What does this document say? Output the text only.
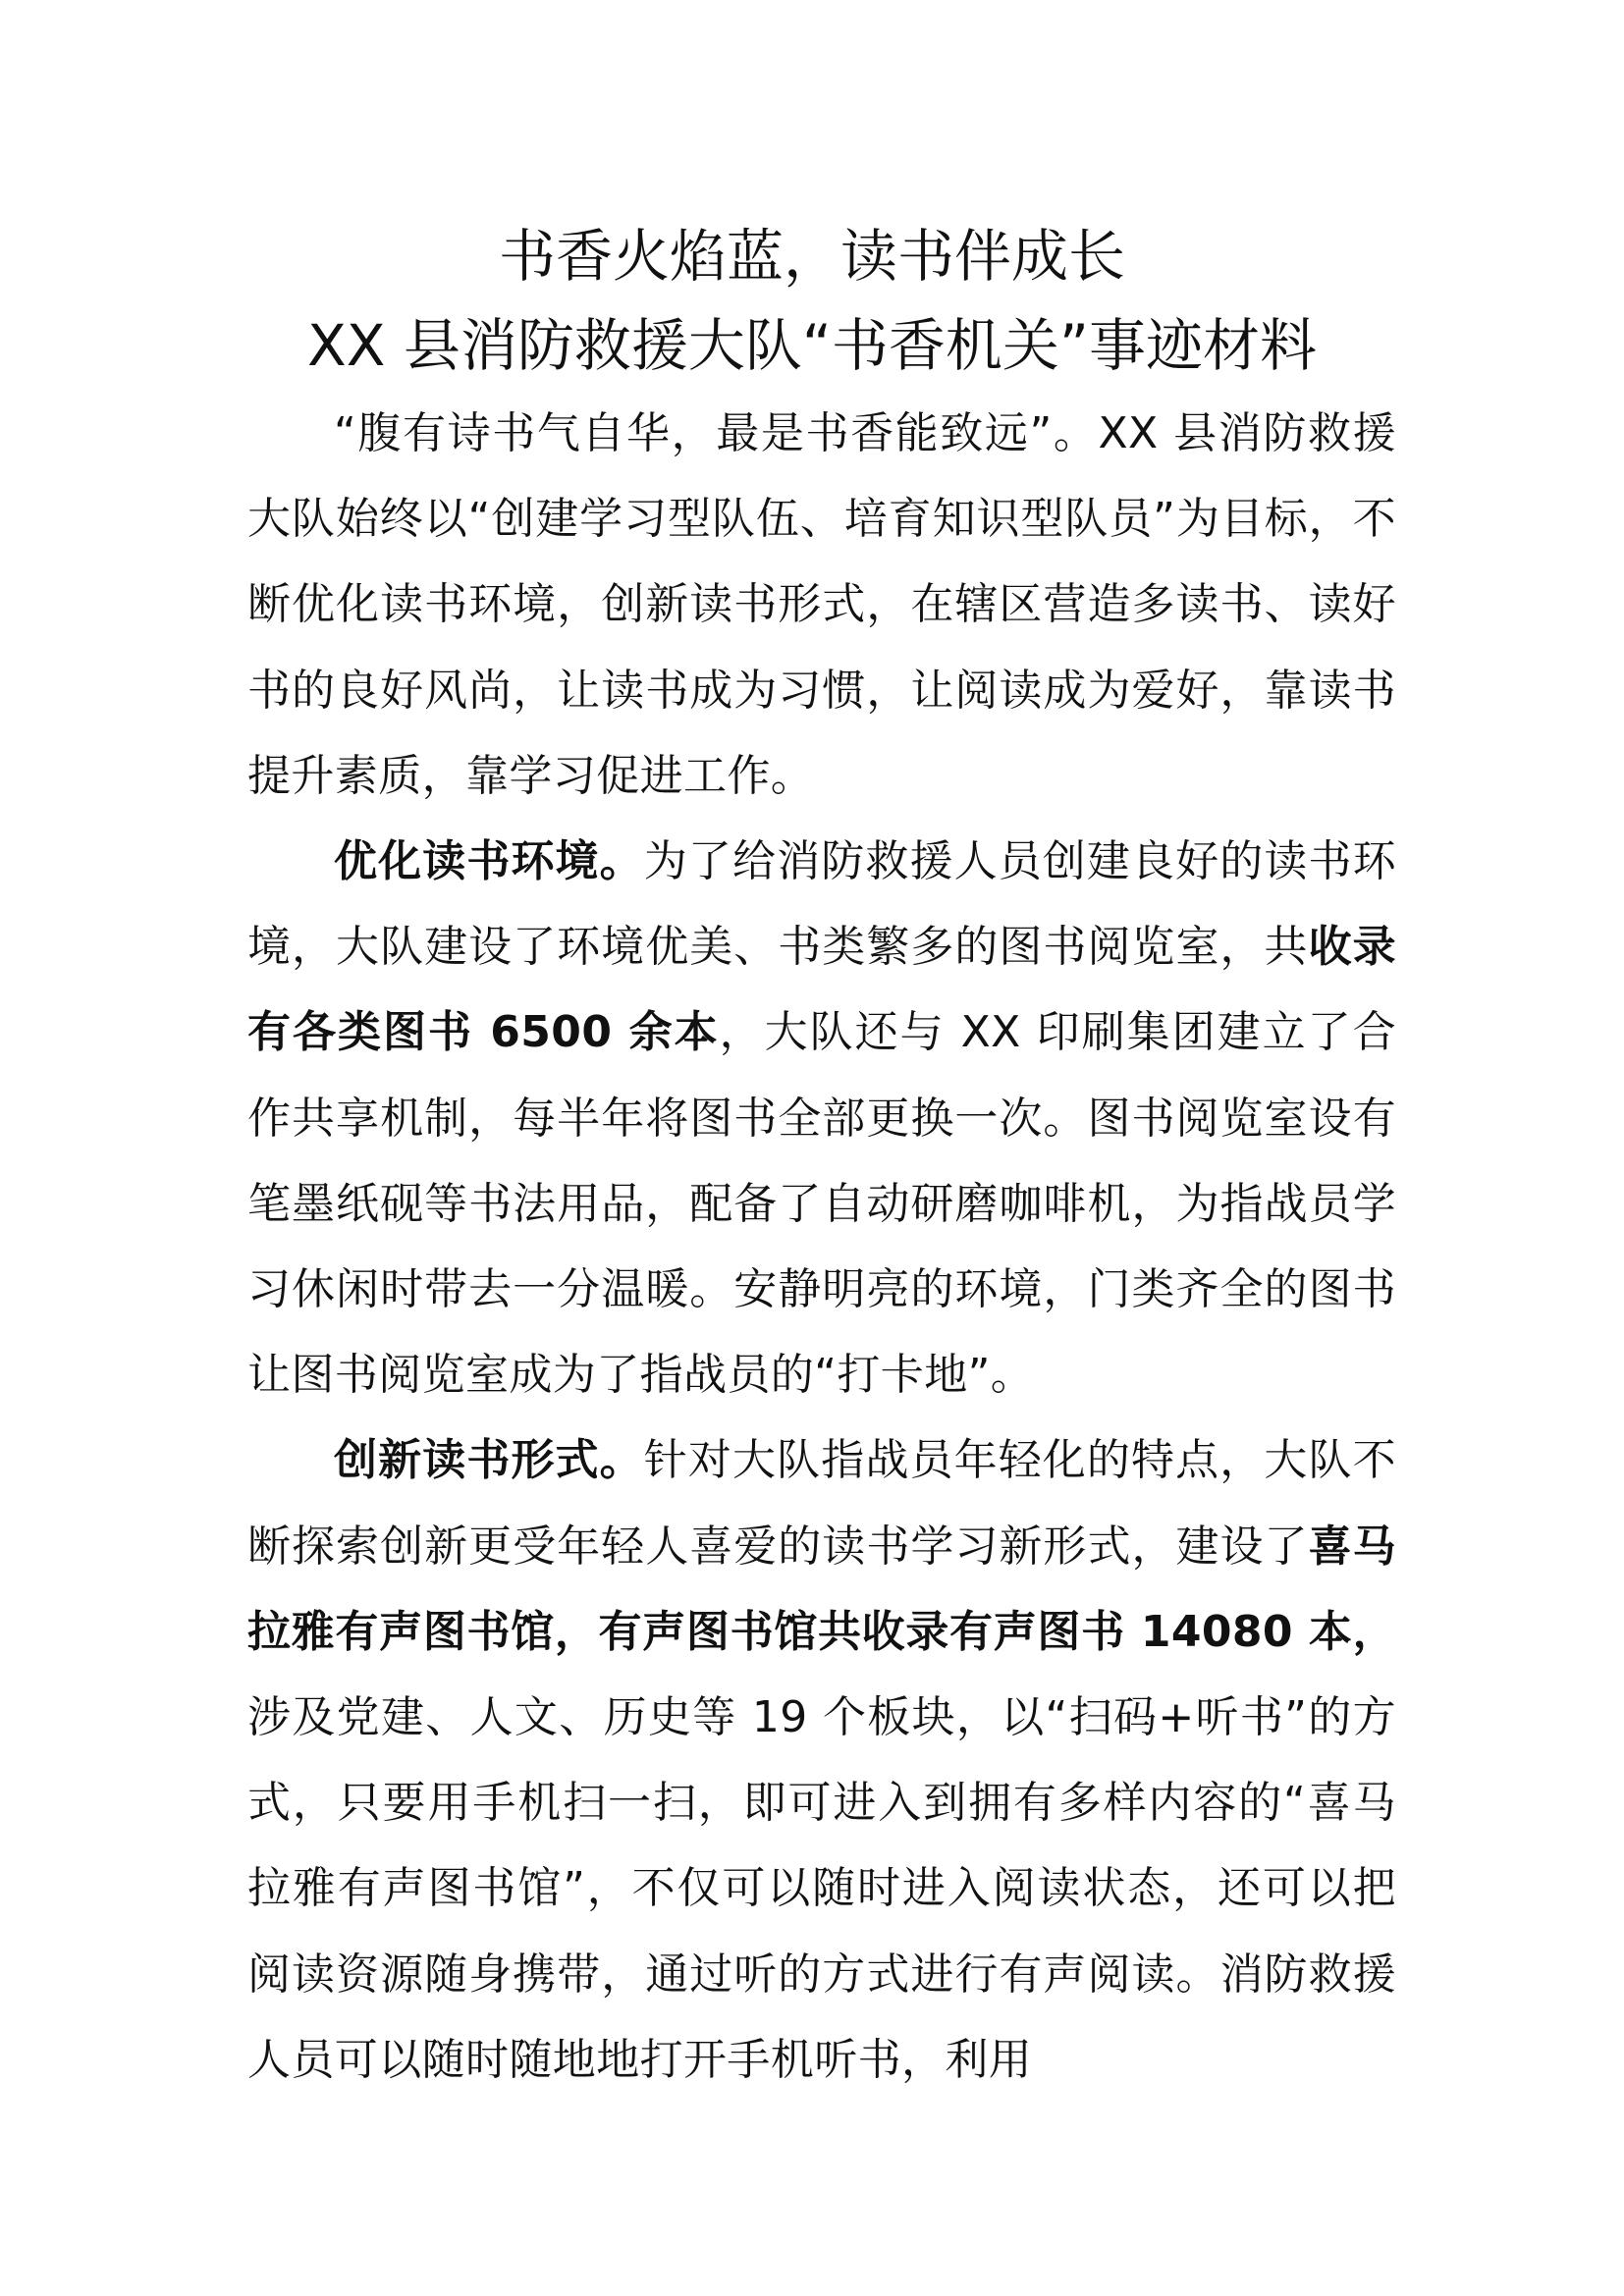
书香火焰蓝，读书伴成长
XX 县消防救援大队“书香机关”事迹材料

“腹有诗书气自华，最是书香能致远”。XX 县消防救援大队始终以“创建学习型队伍、培育知识型队员”为目标，不断优化读书环境，创新读书形式，在辖区营造多读书、读好书的良好风尚，让读书成为习惯，让阅读成为爱好，靠读书提升素质，靠学习促进工作。

优化读书环境。为了给消防救援人员创建良好的读书环境，大队建设了环境优美、书类繁多的图书阅览室，共收录有各类图书 6500 余本，大队还与 XX 印刷集团建立了合作共享机制，每半年将图书全部更换一次。图书阅览室设有笔墨纸砚等书法用品，配备了自动研磨咖啡机，为指战员学习休闲时带去一分温暖。安静明亮的环境，门类齐全的图书让图书阅览室成为了指战员的“打卡地”。

创新读书形式。针对大队指战员年轻化的特点，大队不断探索创新更受年轻人喜爱的读书学习新形式，建设了喜马拉雅有声图书馆，有声图书馆共收录有声图书 14080 本，涉及党建、人文、历史等 19 个板块，以“扫码+听书”的方式，只要用手机扫一扫，即可进入到拥有多样内容的“喜马拉雅有声图书馆”，不仅可以随时进入阅读状态，还可以把阅读资源随身携带，通过听的方式进行有声阅读。消防救援人员可以随时随地地打开手机听书，利用
